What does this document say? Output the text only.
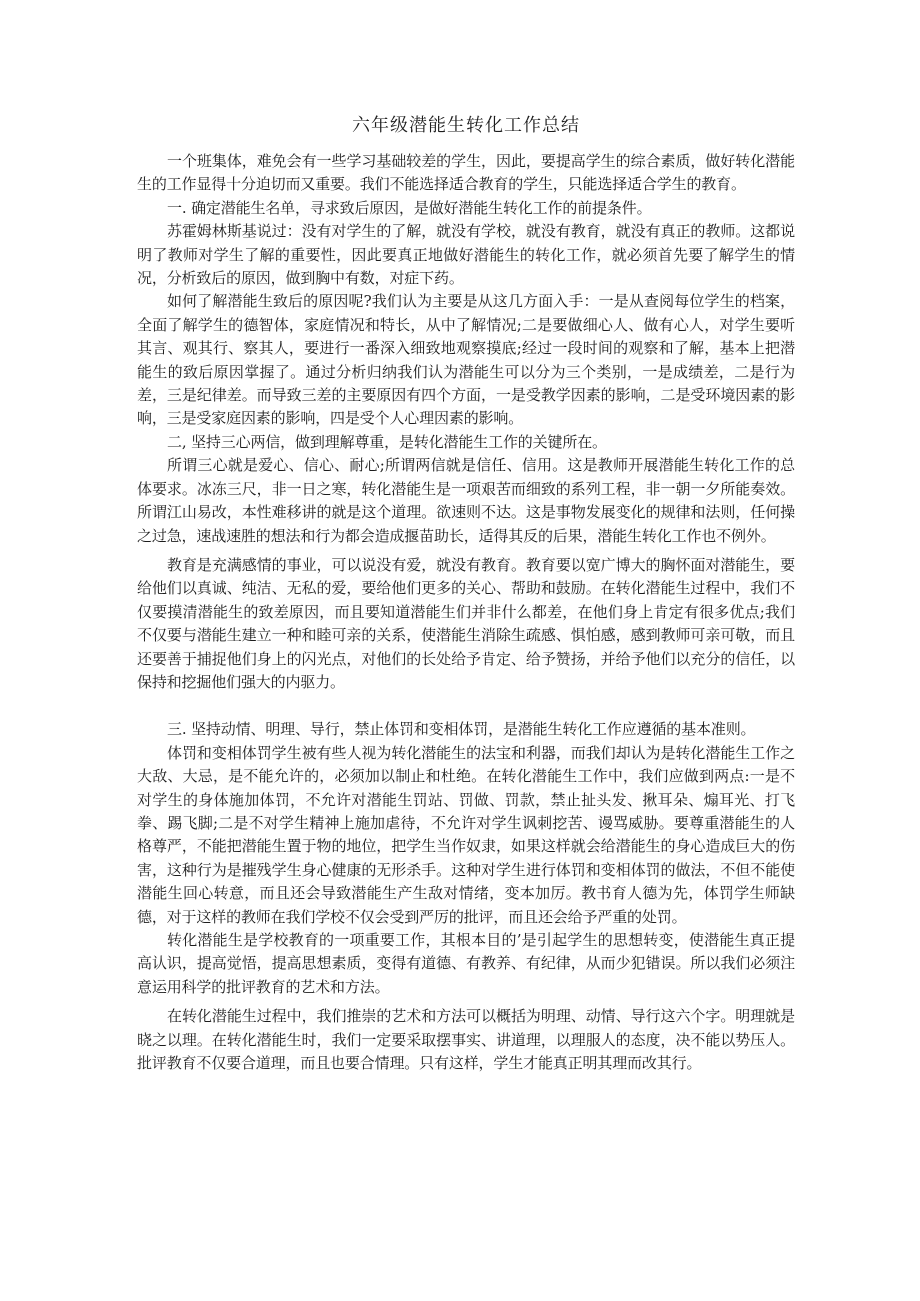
六年级潜能生转化工作总结

一个班集体，难免会有一些学习基础较差的学生，因此，要提高学生的综合素质，做好转化潜能生的工作显得十分迫切而又重要。我们不能选择适合教育的学生，只能选择适合学生的教育。

一. 确定潜能生名单，寻求致后原因，是做好潜能生转化工作的前提条件。

苏霍姆林斯基说过：没有对学生的了解，就没有学校，就没有教育，就没有真正的教师。这都说明了教师对学生了解的重要性，因此要真正地做好潜能生的转化工作，就必须首先要了解学生的情况，分析致后的原因，做到胸中有数，对症下药。

如何了解潜能生致后的原因呢?我们认为主要是从这几方面入手：一是从查阅每位学生的档案，全面了解学生的德智体，家庭情况和特长，从中了解情况;二是要做细心人、做有心人，对学生要听其言、观其行、察其人，要进行一番深入细致地观察摸底;经过一段时间的观察和了解，基本上把潜能生的致后原因掌握了。通过分析归纳我们认为潜能生可以分为三个类别，一是成绩差，二是行为差，三是纪律差。而导致三差的主要原因有四个方面，一是受教学因素的影响，二是受环境因素的影响，三是受家庭因素的影响，四是受个人心理因素的影响。

二, 坚持三心两信，做到理解尊重，是转化潜能生工作的关键所在。

所谓三心就是爱心、信心、耐心;所谓两信就是信任、信用。这是教师开展潜能生转化工作的总体要求。冰冻三尺，非一日之寒，转化潜能生是一项艰苦而细致的系列工程，非一朝一夕所能奏效。所谓江山易改，本性难移讲的就是这个道理。欲速则不达。这是事物发展变化的规律和法则，任何操之过急，速战速胜的想法和行为都会造成揠苗助长，适得其反的后果，潜能生转化工作也不例外。

教育是充满感情的事业，可以说没有爱，就没有教育。教育要以宽广博大的胸怀面对潜能生，要给他们以真诚、纯洁、无私的爱，要给他们更多的关心、帮助和鼓励。在转化潜能生过程中，我们不仅要摸清潜能生的致差原因，而且要知道潜能生们并非什么都差，在他们身上肯定有很多优点;我们不仅要与潜能生建立一种和睦可亲的关系，使潜能生消除生疏感、惧怕感，感到教师可亲可敬，而且还要善于捕捉他们身上的闪光点，对他们的长处给予肯定、给予赞扬，并给予他们以充分的信任，以保持和挖掘他们强大的内驱力。

三. 坚持动情、明理、导行，禁止体罚和变相体罚，是潜能生转化工作应遵循的基本准则。

体罚和变相体罚学生被有些人视为转化潜能生的法宝和利器，而我们却认为是转化潜能生工作之大敌、大忌，是不能允许的，必须加以制止和杜绝。在转化潜能生工作中，我们应做到两点:一是不对学生的身体施加体罚，不允许对潜能生罚站、罚做、罚款，禁止扯头发、揪耳朵、煽耳光、打飞拳、踢飞脚;二是不对学生精神上施加虐待，不允许对学生讽刺挖苦、谩骂威胁。要尊重潜能生的人格尊严，不能把潜能生置于物的地位，把学生当作奴隶，如果这样就会给潜能生的身心造成巨大的伤害，这种行为是摧残学生身心健康的无形杀手。这种对学生进行体罚和变相体罚的做法，不但不能使潜能生回心转意，而且还会导致潜能生产生敌对情绪，变本加厉。教书育人德为先，体罚学生师缺德，对于这样的教师在我们学校不仅会受到严厉的批评，而且还会给予严重的处罚。

转化潜能生是学校教育的一项重要工作，其根本目的’是引起学生的思想转变，使潜能生真正提高认识，提高觉悟，提高思想素质，变得有道德、有教养、有纪律，从而少犯错误。所以我们必须注意运用科学的批评教育的艺术和方法。

在转化潜能生过程中，我们推崇的艺术和方法可以概括为明理、动情、导行这六个字。明理就是晓之以理。在转化潜能生时，我们一定要采取摆事实、讲道理，以理服人的态度，决不能以势压人。批评教育不仅要合道理，而且也要合情理。只有这样，学生才能真正明其理而改其行。
